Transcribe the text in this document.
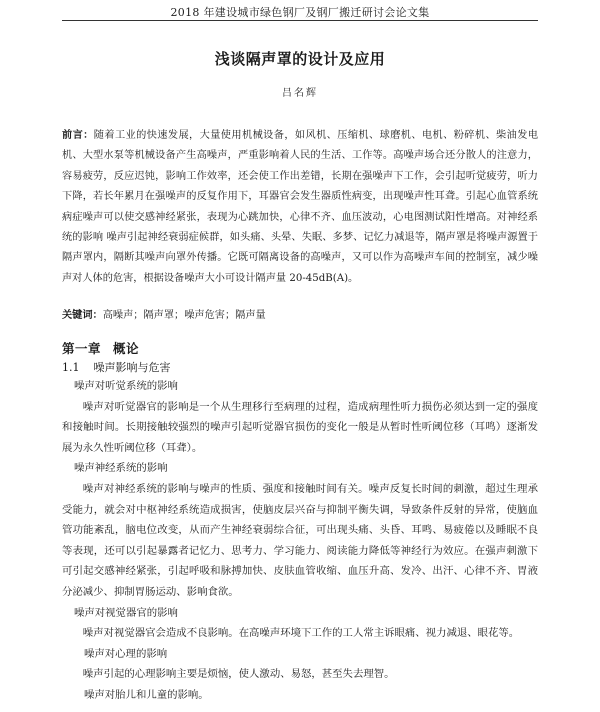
2018 年建设城市绿色钢厂及钢厂搬迁研讨会论文集
浅谈隔声罩的设计及应用
吕名辉
前言：随着工业的快速发展，大量使用机械设备，如风机、压缩机、球磨机、电机、粉碎机、柴油发电机、大型水泵等机械设备产生高噪声，严重影响着人民的生活、工作等。高噪声场合还分散人的注意力，容易疲劳，反应迟钝，影响工作效率，还会使工作出差错，长期在强噪声下工作，会引起听觉疲劳，听力下降，若长年累月在强噪声的反复作用下，耳器官会发生器质性病变，出现噪声性耳聋。引起心血管系统病症噪声可以使交感神经紧张，表现为心跳加快，心律不齐、血压波动，心电图测试阳性增高。对神经系统的影响 噪声引起神经衰弱症候群，如头痛、头晕、失眠、多梦、记忆力减退等，隔声罩是将噪声源置于隔声罩内，隔断其噪声向罩外传播。它既可隔离设备的高噪声，又可以作为高噪声车间的控制室，减少噪声对人体的危害，根据设备噪声大小可设计隔声量 20-45dB(A)。
关键词：高噪声；隔声罩；噪声危害；隔声量
第一章 概论
1.1 噪声影响与危害

噪声对听觉系统的影响

噪声对听觉器官的影响是一个从生理移行至病理的过程，造成病理性听力损伤必须达到一定的强度和接触时间。长期接触较强烈的噪声引起听觉器官损伤的变化一般是从暂时性听阈位移（耳鸣）逐渐发展为永久性听阈位移（耳聋）。

噪声神经系统的影响

噪声对神经系统的影响与噪声的性质、强度和接触时间有关。噪声反复长时间的刺激，超过生理承受能力，就会对中枢神经系统造成损害，使脑皮层兴奋与抑制平衡失调，导致条件反射的异常，使脑血管功能紊乱，脑电位改变，从而产生神经衰弱综合征，可出现头痛、头昏、耳鸣、易疲倦以及睡眠不良等表现，还可以引起暴露者记忆力、思考力、学习能力、阅读能力降低等神经行为效应。在强声刺激下可引起交感神经紧张，引起呼吸和脉搏加快、皮肤血管收缩、血压升高、发冷、出汗、心律不齐、胃液分泌减少、抑制胃肠运动、影响食欲。

噪声对视觉器官的影响

噪声对视觉器官会造成不良影响。在高噪声环境下工作的工人常主诉眼痛、视力减退、眼花等。

噪声对心理的影响

噪声引起的心理影响主要是烦恼，使人激动、易怒，甚至失去理智。

噪声对胎儿和儿童的影响。
